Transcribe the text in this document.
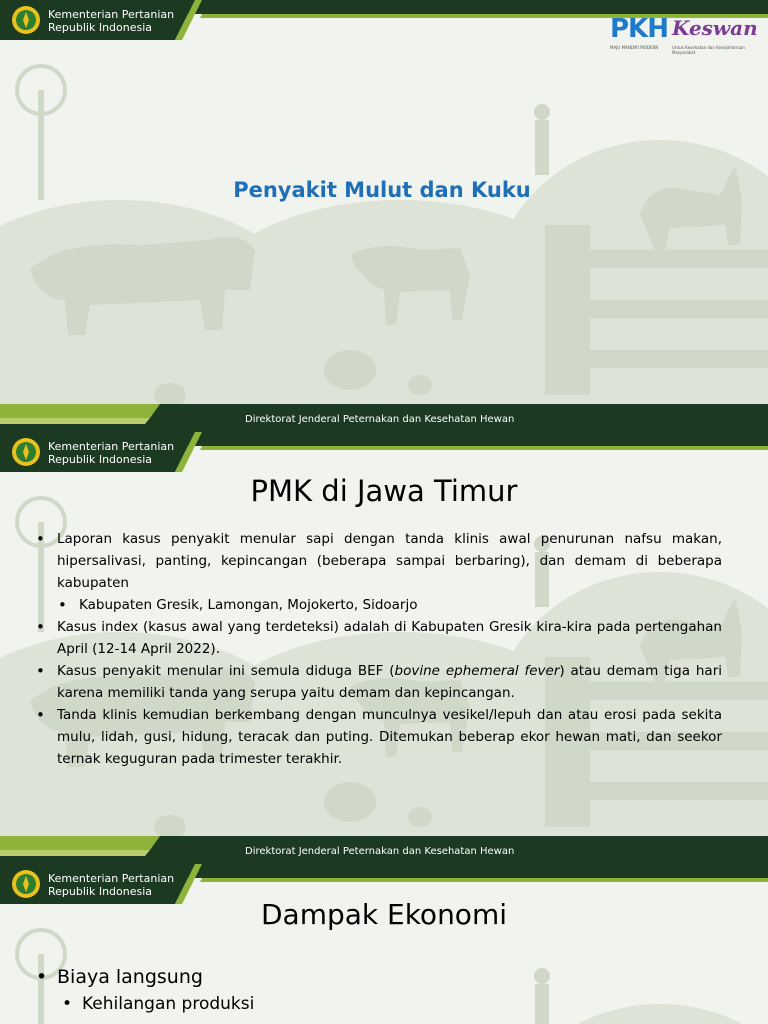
Kementerian Pertanian
Republik Indonesia	PKH
MAJU MANDIRI MODERN
Keswan
Untuk Kesehatan dan Kesejahteraan Masyarakat
Penyakit Mulut dan Kuku
Direktorat Jenderal Peternakan dan Kesehatan Hewan
Kementerian Pertanian
Republik Indonesia
PMK di Jawa Timur
• Laporan kasus penyakit menular sapi dengan tanda klinis awal penurunan nafsu makan, hipersalivasi, panting, kepincangan (beberapa sampai berbaring), dan demam di beberapa kabupaten
• Kabupaten Gresik, Lamongan, Mojokerto, Sidoarjo
• Kasus index (kasus awal yang terdeteksi) adalah di Kabupaten Gresik kira-kira pada pertengahan April (12-14 April 2022).
• Kasus penyakit menular ini semula diduga BEF (bovine ephemeral fever) atau demam tiga hari karena memiliki tanda yang serupa yaitu demam dan kepincangan.
• Tanda klinis kemudian berkembang dengan munculnya vesikel/lepuh dan atau erosi pada sekita mulu, lidah, gusi, hidung, teracak dan puting. Ditemukan beberap ekor hewan mati, dan seekor ternak keguguran pada trimester terakhir.
Direktorat Jenderal Peternakan dan Kesehatan Hewan
Kementerian Pertanian
Republik Indonesia
Dampak Ekonomi
• Biaya langsung
• Kehilangan produksi
